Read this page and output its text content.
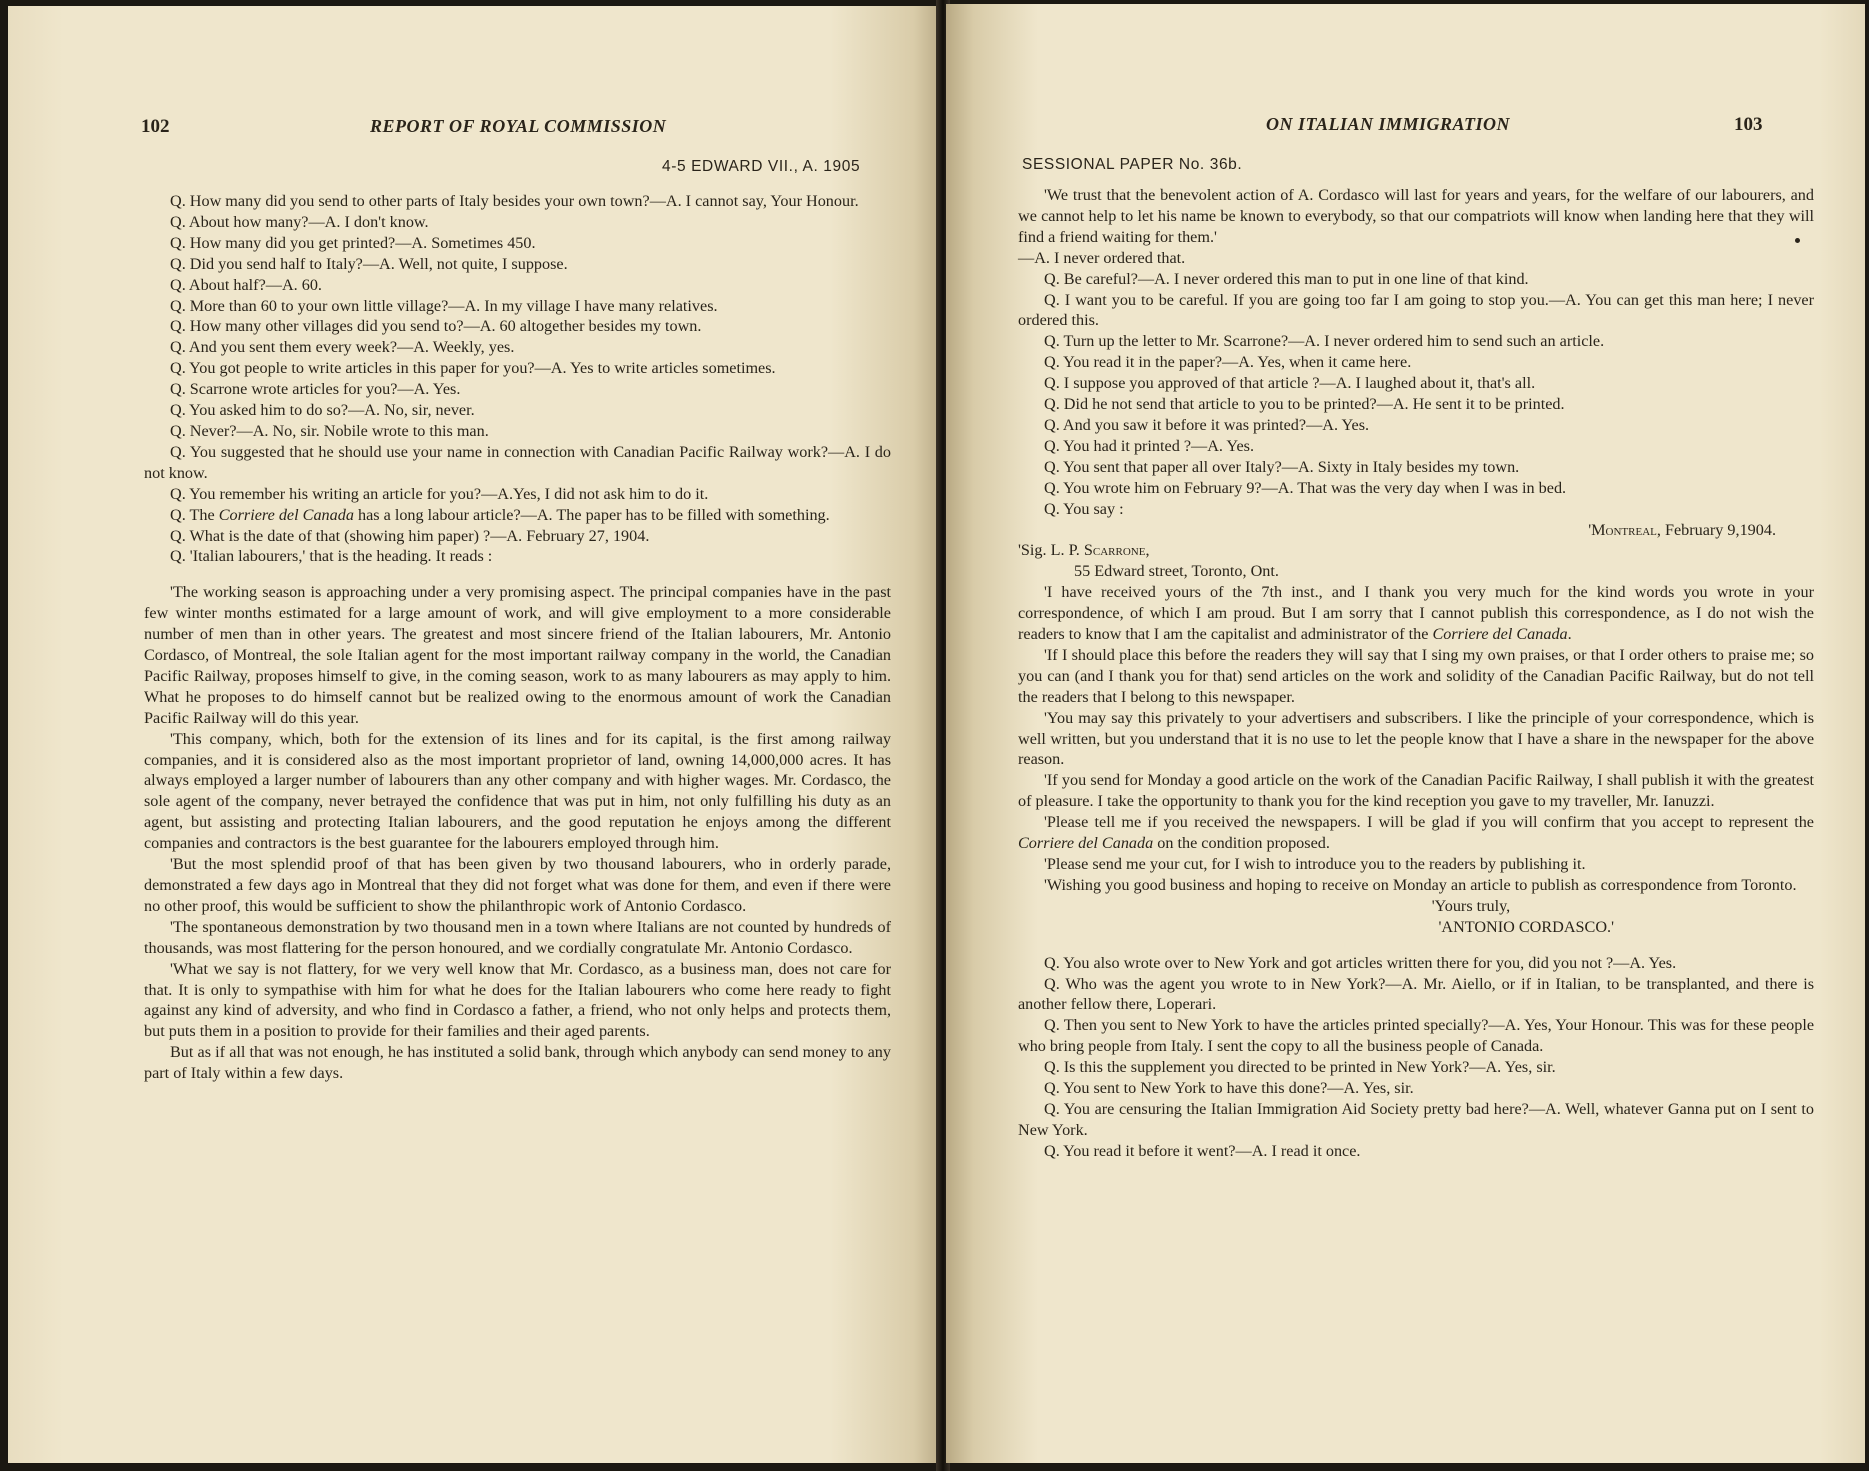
102	REPORT OF ROYAL COMMISSION
4-5 EDWARD VII., A. 1905

Q. How many did you send to other parts of Italy besides your own town?—A. I cannot say, Your Honour.

Q. About how many?—A. I don't know.

Q. How many did you get printed?—A. Sometimes 450.

Q. Did you send half to Italy?—A. Well, not quite, I suppose.

Q. About half?—A. 60.

Q. More than 60 to your own little village?—A. In my village I have many relatives.

Q. How many other villages did you send to?—A. 60 altogether besides my town.

Q. And you sent them every week?—A. Weekly, yes.

Q. You got people to write articles in this paper for you?—A. Yes to write articles sometimes.

Q. Scarrone wrote articles for you?—A. Yes.

Q. You asked him to do so?—A. No, sir, never.

Q. Never?—A. No, sir. Nobile wrote to this man.

Q. You suggested that he should use your name in connection with Canadian Pacific Railway work?—A. I do not know.

Q. You remember his writing an article for you?—A.Yes, I did not ask him to do it.

Q. The Corriere del Canada has a long labour article?—A. The paper has to be filled with something.

Q. What is the date of that (showing him paper) ?—A. February 27, 1904.

Q. 'Italian labourers,' that is the heading. It reads :

'The working season is approaching under a very promising aspect. The principal companies have in the past few winter months estimated for a large amount of work, and will give employment to a more considerable number of men than in other years. The greatest and most sincere friend of the Italian labourers, Mr. Antonio Cordasco, of Montreal, the sole Italian agent for the most important railway company in the world, the Canadian Pacific Railway, proposes himself to give, in the coming season, work to as many labourers as may apply to him. What he proposes to do himself cannot but be realized owing to the enormous amount of work the Canadian Pacific Railway will do this year.

'This company, which, both for the extension of its lines and for its capital, is the first among railway companies, and it is considered also as the most important proprietor of land, owning 14,000,000 acres. It has always employed a larger number of labourers than any other company and with higher wages. Mr. Cordasco, the sole agent of the company, never betrayed the confidence that was put in him, not only fulfilling his duty as an agent, but assisting and protecting Italian labourers, and the good reputation he enjoys among the different companies and contractors is the best guarantee for the labourers employed through him.

'But the most splendid proof of that has been given by two thousand labourers, who in orderly parade, demonstrated a few days ago in Montreal that they did not forget what was done for them, and even if there were no other proof, this would be sufficient to show the philanthropic work of Antonio Cordasco.

'The spontaneous demonstration by two thousand men in a town where Italians are not counted by hundreds of thousands, was most flattering for the person honoured, and we cordially congratulate Mr. Antonio Cordasco.

'What we say is not flattery, for we very well know that Mr. Cordasco, as a business man, does not care for that. It is only to sympathise with him for what he does for the Italian labourers who come here ready to fight against any kind of adversity, and who find in Cordasco a father, a friend, who not only helps and protects them, but puts them in a position to provide for their families and their aged parents.

But as if all that was not enough, he has instituted a solid bank, through which anybody can send money to any part of Italy within a few days.

ON ITALIAN IMMIGRATION	103
SESSIONAL PAPER No. 36b.

'We trust that the benevolent action of A. Cordasco will last for years and years, for the welfare of our labourers, and we cannot help to let his name be known to everybody, so that our compatriots will know when landing here that they will find a friend waiting for them.'

—A. I never ordered that.

Q. Be careful?—A. I never ordered this man to put in one line of that kind.

Q. I want you to be careful. If you are going too far I am going to stop you.—A. You can get this man here; I never ordered this.

Q. Turn up the letter to Mr. Scarrone?—A. I never ordered him to send such an article.

Q. You read it in the paper?—A. Yes, when it came here.

Q. I suppose you approved of that article ?—A. I laughed about it, that's all.

Q. Did he not send that article to you to be printed?—A. He sent it to be printed.

Q. And you saw it before it was printed?—A. Yes.

Q. You had it printed ?—A. Yes.

Q. You sent that paper all over Italy?—A. Sixty in Italy besides my town.

Q. You wrote him on February 9?—A. That was the very day when I was in bed.

Q. You say :

'Montreal, February 9,1904.

'Sig. L. P. Scarrone,

55 Edward street, Toronto, Ont.

'I have received yours of the 7th inst., and I thank you very much for the kind words you wrote in your correspondence, of which I am proud. But I am sorry that I cannot publish this correspondence, as I do not wish the readers to know that I am the capitalist and administrator of the Corriere del Canada.

'If I should place this before the readers they will say that I sing my own praises, or that I order others to praise me; so you can (and I thank you for that) send articles on the work and solidity of the Canadian Pacific Railway, but do not tell the readers that I belong to this newspaper.

'You may say this privately to your advertisers and subscribers. I like the principle of your correspondence, which is well written, but you understand that it is no use to let the people know that I have a share in the newspaper for the above reason.

'If you send for Monday a good article on the work of the Canadian Pacific Railway, I shall publish it with the greatest of pleasure. I take the opportunity to thank you for the kind reception you gave to my traveller, Mr. Ianuzzi.

'Please tell me if you received the newspapers. I will be glad if you will confirm that you accept to represent the Corriere del Canada on the condition proposed.

'Please send me your cut, for I wish to introduce you to the readers by publishing it.

'Wishing you good business and hoping to receive on Monday an article to publish as correspondence from Toronto.

'Yours truly,

'ANTONIO CORDASCO.'

Q. You also wrote over to New York and got articles written there for you, did you not ?—A. Yes.

Q. Who was the agent you wrote to in New York?—A. Mr. Aiello, or if in Italian, to be transplanted, and there is another fellow there, Loperari.

Q. Then you sent to New York to have the articles printed specially?—A. Yes, Your Honour. This was for these people who bring people from Italy. I sent the copy to all the business people of Canada.

Q. Is this the supplement you directed to be printed in New York?—A. Yes, sir.

Q. You sent to New York to have this done?—A. Yes, sir.

Q. You are censuring the Italian Immigration Aid Society pretty bad here?—A. Well, whatever Ganna put on I sent to New York.

Q. You read it before it went?—A. I read it once.
